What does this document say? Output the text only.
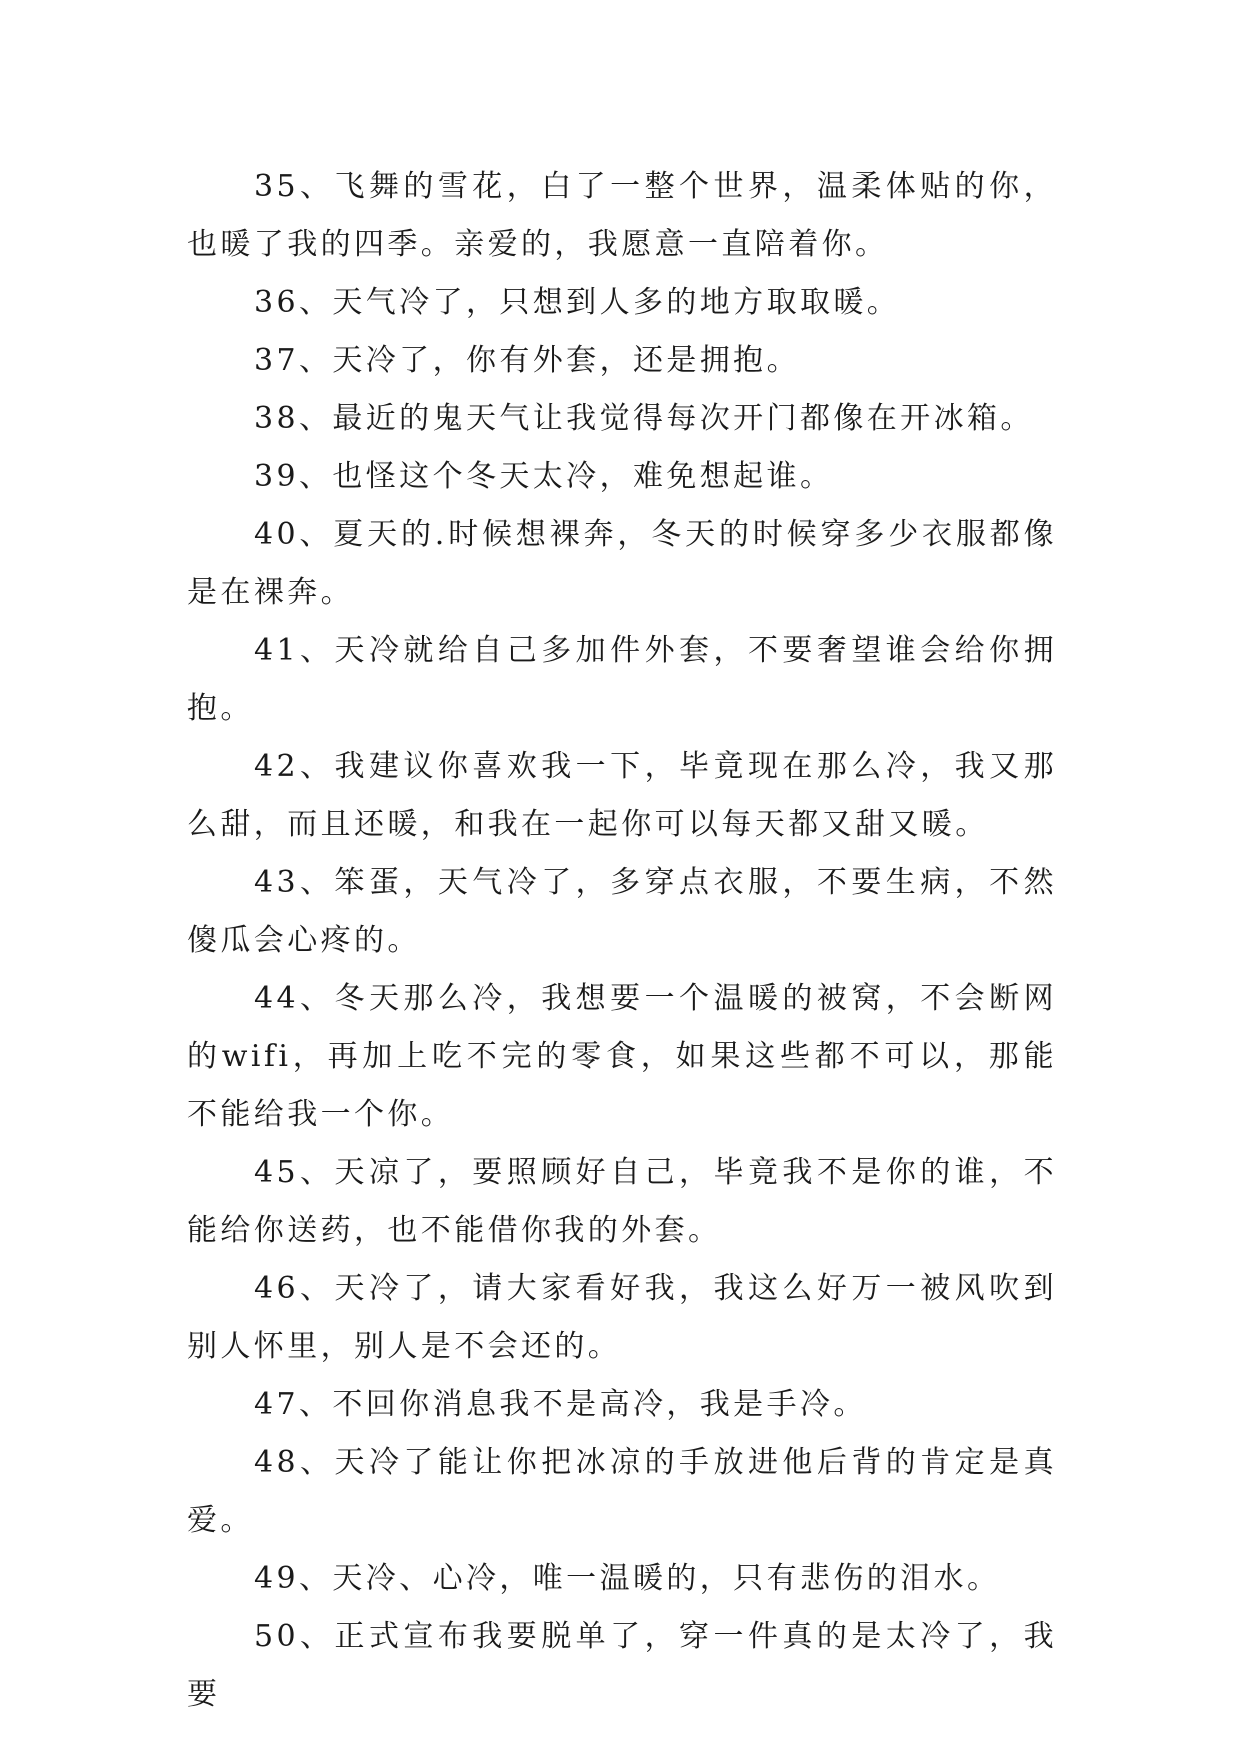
35、飞舞的雪花，白了一整个世界，温柔体贴的你，也暖了我的四季。亲爱的，我愿意一直陪着你。

36、天气冷了，只想到人多的地方取取暖。

37、天冷了，你有外套，还是拥抱。

38、最近的鬼天气让我觉得每次开门都像在开冰箱。

39、也怪这个冬天太冷，难免想起谁。

40、夏天的.时候想裸奔，冬天的时候穿多少衣服都像是在裸奔。

41、天冷就给自己多加件外套，不要奢望谁会给你拥抱。

42、我建议你喜欢我一下，毕竟现在那么冷，我又那么甜，而且还暖，和我在一起你可以每天都又甜又暖。

43、笨蛋，天气冷了，多穿点衣服，不要生病，不然傻瓜会心疼的。

44、冬天那么冷，我想要一个温暖的被窝，不会断网的wifi，再加上吃不完的零食，如果这些都不可以，那能不能给我一个你。

45、天凉了，要照顾好自己，毕竟我不是你的谁，不能给你送药，也不能借你我的外套。

46、天冷了，请大家看好我，我这么好万一被风吹到别人怀里，别人是不会还的。

47、不回你消息我不是高冷，我是手冷。

48、天冷了能让你把冰凉的手放进他后背的肯定是真爱。

49、天冷、心冷，唯一温暖的，只有悲伤的泪水。

50、正式宣布我要脱单了，穿一件真的是太冷了，我要
